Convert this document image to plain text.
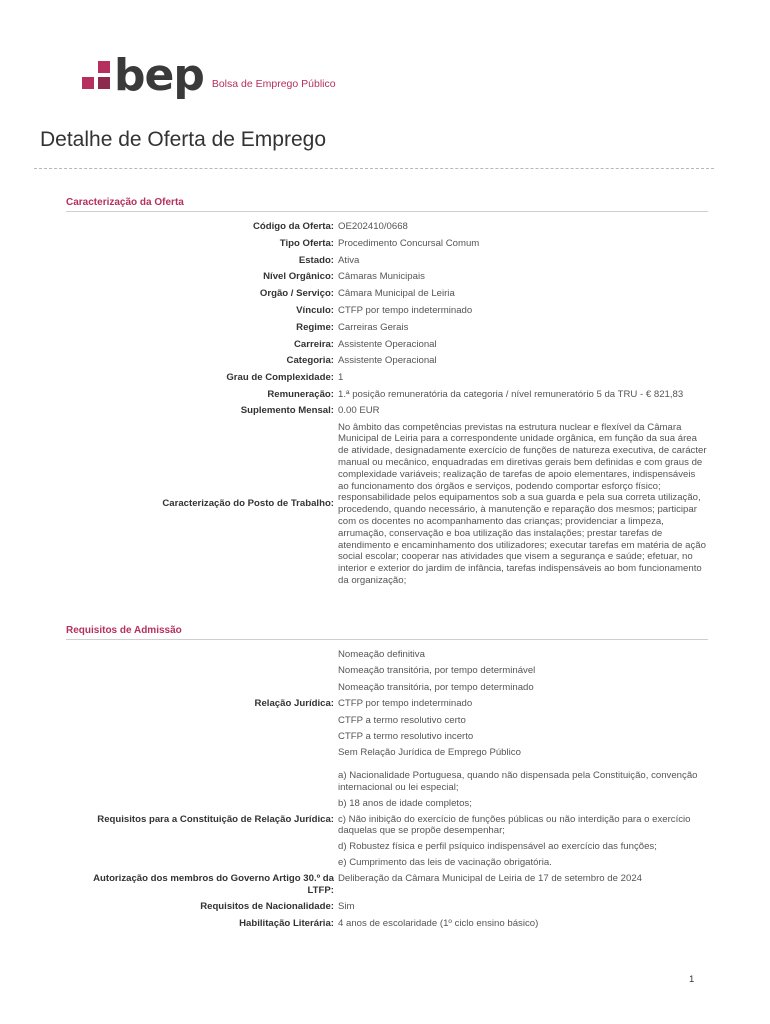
bep Bolsa de Emprego Público
Detalhe de Oferta de Emprego
Caracterização da Oferta
Código da Oferta: OE202410/0668
Tipo Oferta: Procedimento Concursal Comum
Estado: Ativa
Nível Orgânico: Câmaras Municipais
Orgão / Serviço: Câmara Municipal de Leiria
Vínculo: CTFP por tempo indeterminado
Regime: Carreiras Gerais
Carreira: Assistente Operacional
Categoria: Assistente Operacional
Grau de Complexidade: 1
Remuneração: 1.ª posição remuneratória da categoria / nível remuneratório 5 da TRU - € 821,83
Suplemento Mensal: 0.00 EUR
Caracterização do Posto de Trabalho:
No âmbito das competências previstas na estrutura nuclear e flexível da Câmara Municipal de Leiria para a correspondente unidade orgânica, em função da sua área de atividade, designadamente exercício de funções de natureza executiva, de carácter manual ou mecânico, enquadradas em diretivas gerais bem definidas e com graus de complexidade variáveis; realização de tarefas de apoio elementares, indispensáveis ao funcionamento dos órgãos e serviços, podendo comportar esforço físico; responsabilidade pelos equipamentos sob a sua guarda e pela sua correta utilização, procedendo, quando necessário, à manutenção e reparação dos mesmos; participar com os docentes no acompanhamento das crianças; providenciar a limpeza, arrumação, conservação e boa utilização das instalações; prestar tarefas de atendimento e encaminhamento dos utilizadores; executar tarefas em matéria de ação social escolar; cooperar nas atividades que visem a segurança e saúde; efetuar, no interior e exterior do jardim de infância, tarefas indispensáveis ao bom funcionamento da organização;
Requisitos de Admissão
Relação Jurídica:
Nomeação definitiva
Nomeação transitória, por tempo determinável
Nomeação transitória, por tempo determinado
CTFP por tempo indeterminado
CTFP a termo resolutivo certo
CTFP a termo resolutivo incerto
Sem Relação Jurídica de Emprego Público
Requisitos para a Constituição de Relação Jurídica:
a) Nacionalidade Portuguesa, quando não dispensada pela Constituição, convenção internacional ou lei especial;
b) 18 anos de idade completos;
c) Não inibição do exercício de funções públicas ou não interdição para o exercício daquelas que se propõe desempenhar;
d) Robustez física e perfil psíquico indispensável ao exercício das funções;
e) Cumprimento das leis de vacinação obrigatória.
Autorização dos membros do Governo Artigo 30.º da LTFP:
Deliberação da Câmara Municipal de Leiria de 17 de setembro de 2024
Requisitos de Nacionalidade: Sim
Habilitação Literária: 4 anos de escolaridade (1º ciclo ensino básico)
1
